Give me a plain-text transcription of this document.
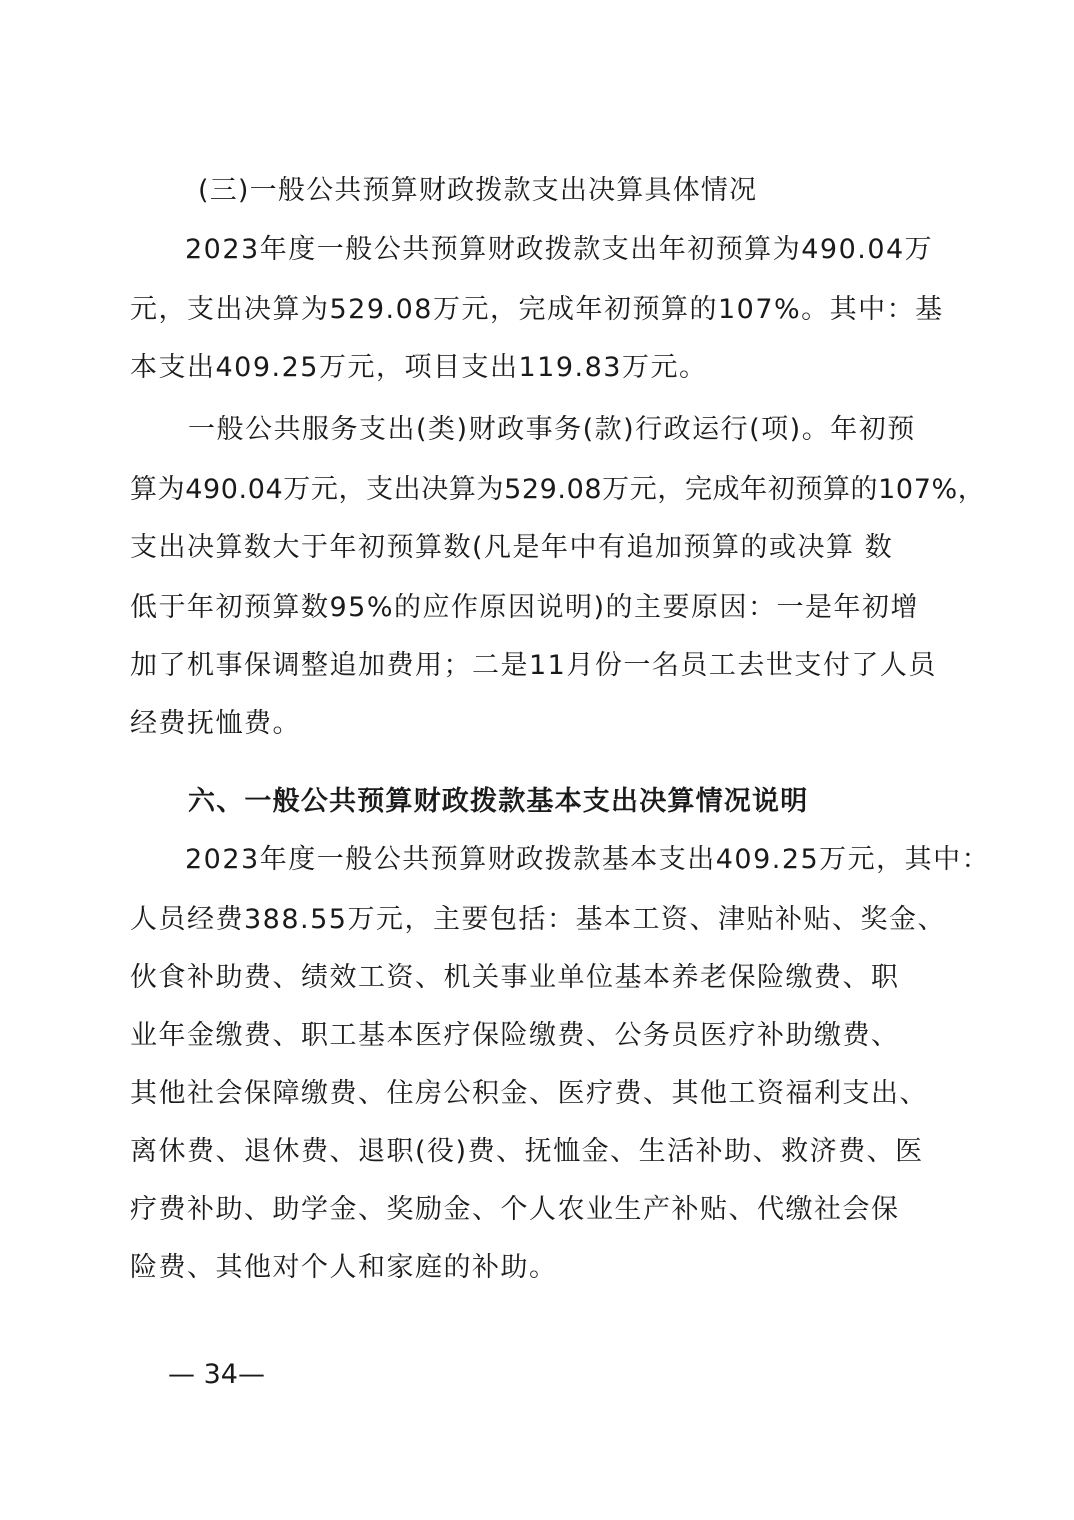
(三)一般公共预算财政拨款支出决算具体情况
2023年度一般公共预算财政拨款支出年初预算为490.04万
元，支出决算为529.08万元，完成年初预算的107%。其中：基
本支出409.25万元，项目支出119.83万元。
一般公共服务支出(类)财政事务(款)行政运行(项)。年初预
算为490.04万元，支出决算为529.08万元，完成年初预算的107%，
支出决算数大于年初预算数(凡是年中有追加预算的或决算 数
低于年初预算数95%的应作原因说明)的主要原因：一是年初增
加了机事保调整追加费用；二是11月份一名员工去世支付了人员
经费抚恤费。
六、一般公共预算财政拨款基本支出决算情况说明
2023年度一般公共预算财政拨款基本支出409.25万元，其中：
人员经费388.55万元，主要包括：基本工资、津贴补贴、奖金、
伙食补助费、绩效工资、机关事业单位基本养老保险缴费、职
业年金缴费、职工基本医疗保险缴费、公务员医疗补助缴费、
其他社会保障缴费、住房公积金、医疗费、其他工资福利支出、
离休费、退休费、退职(役)费、抚恤金、生活补助、救济费、医
疗费补助、助学金、奖励金、个人农业生产补贴、代缴社会保
险费、其他对个人和家庭的补助。
— 34—
